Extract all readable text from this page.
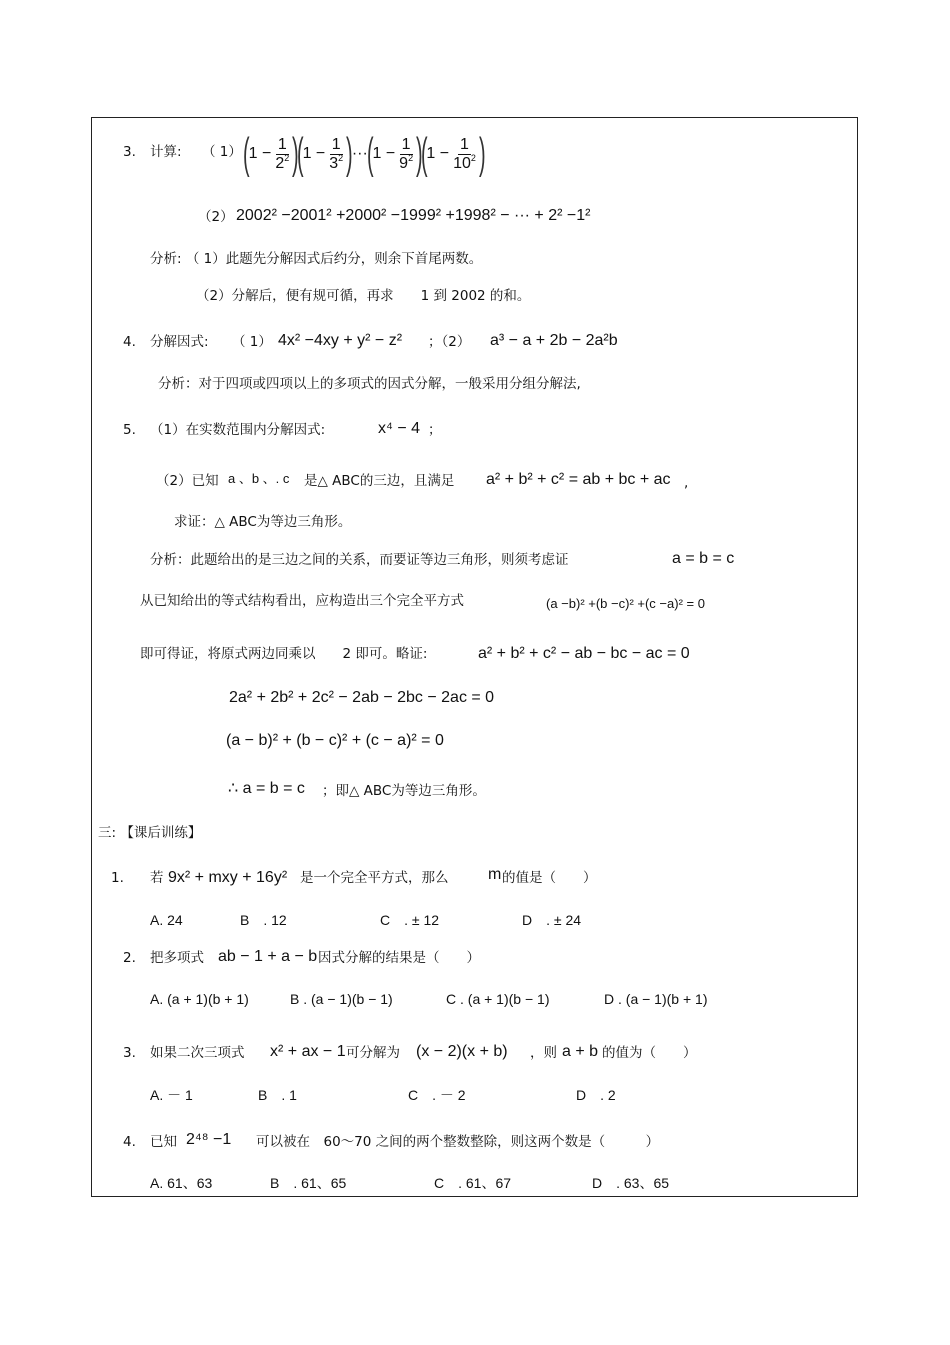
3. 计算: （ 1） ( $1 - \frac{1}{2^2}$ )
( $1 - \frac{1}{3^2}$ ) ··· ( $1 - \frac{1}{9^2}$ )
( $1 - \frac{1}{10^2}$ )
（2） 2002² −2001² +2000² −1999² +1998² − ··· + 2² −1²
分析: （ 1）此题先分解因式后约分，则余下首尾两数。
（2）分解后，便有规可循，再求　　1 到 2002 的和。
4. 分解因式: （ 1） 4x² −4xy + y² − z² ；（2） a³ − a + 2b − 2a²b
分析：对于四项或四项以上的多项式的因式分解，一般采用分组分解法,
5. （1）在实数范围内分解因式:	x⁴ − 4 ；
（2）已知 a 、b 、. c 是△ ABC的三边，且满足 a² + b² + c² = ab + bc + ac ,
求证：△ ABC为等边三角形。
分析：此题给出的是三边之间的关系，而要证等边三角形，则须考虑证	a = b = c
从已知给出的等式结构看出，应构造出三个完全平方式	(a −b)² +(b −c)² +(c −a)² = 0
即可得证，将原式两边同乘以　　2 即可。略证:	a² + b² + c² − ab − bc − ac = 0
2a² + 2b² + 2c² − 2ab − 2bc − 2ac = 0
(a − b)² + (b − c)² + (c − a)² = 0
∴ a = b = c ；即△ ABC为等边三角形。
三: 【课后训练】
1. 若 9x² + mxy + 16y² 是一个完全平方式，那么 m 的值是（　　）
A. 24	B　. 12	C　. ± 12	D　. ± 24
2. 把多项式 ab − 1 + a − b 因式分解的结果是（　　）
A. (a + 1)(b + 1)	B . (a − 1)(b − 1)	C . (a + 1)(b − 1)	D . (a − 1)(b + 1)
3. 如果二次三项式 x² + ax − 1 可分解为 (x − 2)(x + b) ，则 a + b 的值为（　　）
A. － 1	B　. 1	C　. － 2	D　. 2
4. 已知 2⁴⁸ −1 可以被在　60～70 之间的两个整数整除，则这两个数是（　　　）
A. 61、63	B　. 61、65	C　. 61、67	D　. 63、65
